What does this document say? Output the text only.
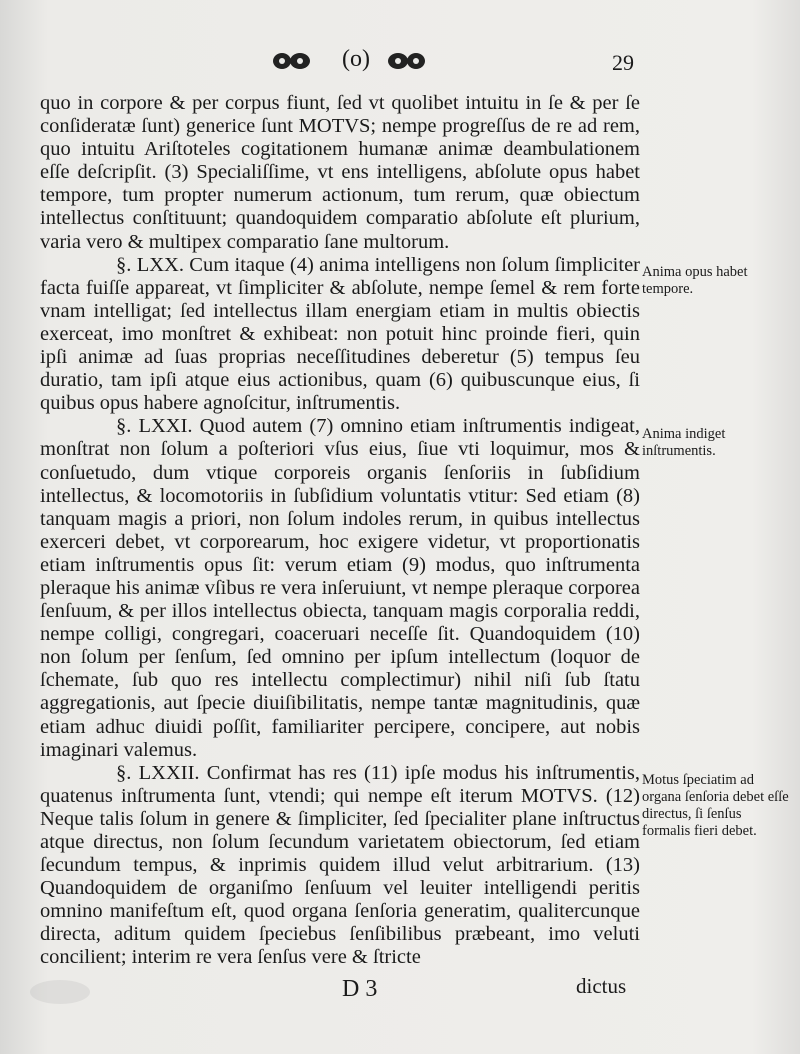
(o)	29

quo in corpore & per corpus fiunt, ſed vt quolibet intuitu in ſe & per ſe conſideratæ ſunt) generice ſunt MOTVS; nempe progreſſus de re ad rem, quo intuitu Ariſtoteles cogitationem humanæ animæ deambulationem eſſe deſcripſit. (3) Specialiſſime, vt ens intelligens, abſolute opus habet tempore, tum propter numerum actionum, tum rerum, quæ obiectum intellectus conſtituunt; quandoquidem comparatio abſolute eſt plurium, varia vero & multipex comparatio ſane multorum.

§. LXX. Cum itaque (4) anima intelligens non ſolum ſimpliciter facta fuiſſe appareat, vt ſimpliciter & abſolute, nempe ſemel & rem forte vnam intelligat; ſed intellectus illam energiam etiam in multis obiectis exerceat, imo monſtret & exhibeat: non potuit hinc proinde fieri, quin ipſi animæ ad ſuas proprias neceſſitudines deberetur (5) tempus ſeu duratio, tam ipſi atque eius actionibus, quam (6) quibuscunque eius, ſi quibus opus habere agnoſcitur, inſtrumentis.

§. LXXI. Quod autem (7) omnino etiam inſtrumentis indigeat, monſtrat non ſolum a poſteriori vſus eius, ſiue vti loquimur, mos & conſuetudo, dum vtique corporeis organis ſenſoriis in ſubſidium intellectus, & locomotoriis in ſubſidium voluntatis vtitur: Sed etiam (8) tanquam magis a priori, non ſolum indoles rerum, in quibus intellectus exerceri debet, vt corporearum, hoc exigere videtur, vt proportionatis etiam inſtrumentis opus ſit: verum etiam (9) modus, quo inſtrumenta pleraque his animæ vſibus re vera inſeruiunt, vt nempe pleraque corporea ſenſuum, & per illos intellectus obiecta, tanquam magis corporalia reddi, nempe colligi, congregari, coaceruari neceſſe ſit. Quandoquidem (10) non ſolum per ſenſum, ſed omnino per ipſum intellectum (loquor de ſchemate, ſub quo res intellectu complectimur) nihil niſi ſub ſtatu aggregationis, aut ſpecie diuiſibilitatis, nempe tantæ magnitudinis, quæ etiam adhuc diuidi poſſit, familiariter percipere, concipere, aut nobis imaginari valemus.

§. LXXII. Confirmat has res (11) ipſe modus his inſtrumentis, quatenus inſtrumenta ſunt, vtendi; qui nempe eſt iterum MOTVS. (12) Neque talis ſolum in genere & ſimpliciter, ſed ſpecialiter plane inſtructus atque directus, non ſolum ſecundum varietatem obiectorum, ſed etiam ſecundum tempus, & inprimis quidem illud velut arbitrarium. (13) Quandoquidem de organiſmo ſenſuum vel leuiter intelligendi peritis omnino manifeſtum eſt, quod organa ſenſoria generatim, qualitercunque directa, aditum quidem ſpeciebus ſenſibilibus præbeant, imo veluti concilient; interim re vera ſenſus vere & ſtricte

Anima opus habet tempore.
Anima indiget inſtrumentis.
Motus ſpeciatim ad organa ſenſoria debet eſſe directus, ſi ſenſus formalis fieri debet.
D 3	dictus
